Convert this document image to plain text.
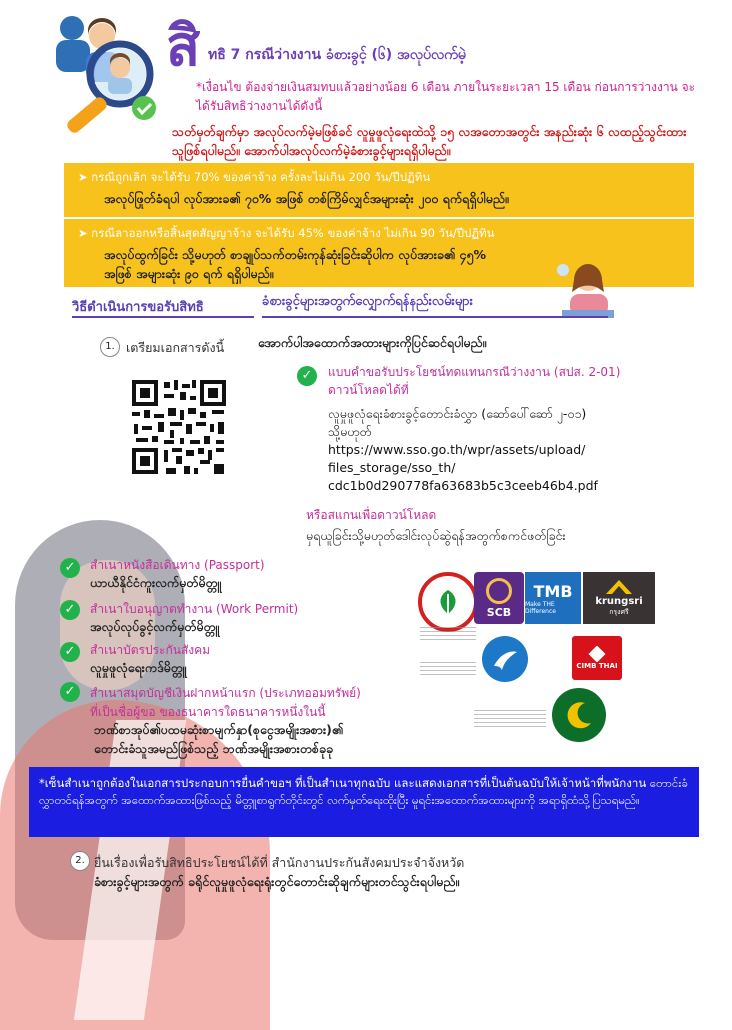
สิ ทธิ 7 กรณีว่างงาน ခံစားခွင့် (၆) အလုပ်လက်မဲ့
*เงื่อนไข ต้องจ่ายเงินสมทบแล้วอย่างน้อย 6 เดือน ภายในระยะเวลา 15 เดือน ก่อนการว่างงาน จะได้รับสิทธิว่างงานได้ดังนี้
သတ်မှတ်ချက်မှာ အလုပ်လက်မဲ့မဖြစ်ခင် လူမှုဖူလုံရေးထဲသို့ ၁၅ လအတောအတွင်း အနည်းဆုံး ၆ လထည့်သွင်းထားသူဖြစ်ရပါမည်။ အောက်ပါအလုပ်လက်မဲ့ခံစားခွင့်များရရှိပါမည်။
➤ กรณีถูกเลิก จะได้รับ 70% ของค่าจ้าง ครั้งละไม่เกิน 200 วัน/ปีปฏิทิน
အလုပ်ဖြုတ်ခံရပါ လုပ်အားခ၏ ၇၀% အဖြစ် တစ်ကြိမ်လျှင်အများဆုံး ၂၀၀ ရက်ရရှိပါမည်။
➤ กรณีลาออกหรือสิ้นสุดสัญญาจ้าง จะได้รับ 45% ของค่าจ้าง ไม่เกิน 90 วัน/ปีปฏิทิน
အလုပ်ထွက်ခြင်း သို့မဟုတ် စာချုပ်သက်တမ်းကုန်ဆုံးခြင်းဆိုပါက လုပ်အားခ၏ ၄၅%
အဖြစ် အများဆုံး ၉၀ ရက် ရရှိပါမည်။
วิธีดำเนินการขอรับสิทธิ	ခံစားခွင့်များအတွက်လျှောက်ရန်နည်းလမ်းများ
1. เตรียมเอกสารดังนี้	အောက်ပါအထောက်အထားများကိုပြင်ဆင်ရပါမည်။
✓	แบบคำขอรับประโยชน์ทดแทนกรณีว่างงาน (สปส. 2-01)
ดาวน์โหลดได้ที่
လူမှုဖူလုံရေးခံစားခွင့်တောင်းခံလွှာ (ဆော်ပေါ်ဆော် ၂-၀၁)
သို့မဟုတ်
https://www.sso.go.th/wpr/assets/upload/
files_storage/sso_th/
cdc1b0d290778fa63683b5c3ceeb46b4.pdf
หรือสแกนเพื่อดาวน์โหลด
မှရယူခြင်းသို့မဟုတ်ဒေါင်းလုပ်ဆွဲရန်အတွက်စကင်ဖတ်ခြင်း
✓	สำเนาหนังสือเดินทาง (Passport)
ယာယီနိုင်ငံကူးလက်မှတ်မိတ္တူ
✓	สำเนาใบอนุญาตทำงาน (Work Permit)
အလုပ်လုပ်ခွင့်လက်မှတ်မိတ္တူ
✓	สำเนาบัตรประกันสังคม
လူမှုဖူလုံရေးကဒ်မိတ္တူ
✓	สำเนาสมุดบัญชีเงินฝากหน้าแรก (ประเภทออมทรัพย์)
ที่เป็นชื่อผู้ขอ ของธนาคารใดธนาคารหนึ่งในนี้
ဘဏ်စာအုပ်၏ပထမဆုံးစာမျက်နှာ(စုငွေအမျိုးအစား)၏
တောင်းခံသူအမည်ဖြစ်သည့် ဘဏ်အမျိုးအစားတစ်ခုခု
SCB
TMB
Make THE Difference
krungsri
กรุงศรี
CIMB THAI
*เซ็นสำเนาถูกต้องในเอกสารประกอบการยื่นคำขอฯ ที่เป็นสำเนาทุกฉบับ และแสดงเอกสารที่เป็นต้นฉบับให้เจ้าหน้าที่พนักงาน တောင်းခံလွှာတင်ရန်အတွက် အထောက်အထားဖြစ်သည့် မိတ္တူစာရွက်တိုင်းတွင် လက်မှတ်ရေးထိုးပြီး မူရင်းအထောက်အထားများကို အရာရှိထံသို့ပြသရမည်။
2. ยื่นเรื่องเพื่อรับสิทธิประโยชน์ได้ที่ สำนักงานประกันสังคมประจำจังหวัด
ခံစားခွင့်များအတွက် ခရိုင်လူမှုဖူလုံရေးရုံးတွင်တောင်းဆိုချက်များတင်သွင်းရပါမည်။
